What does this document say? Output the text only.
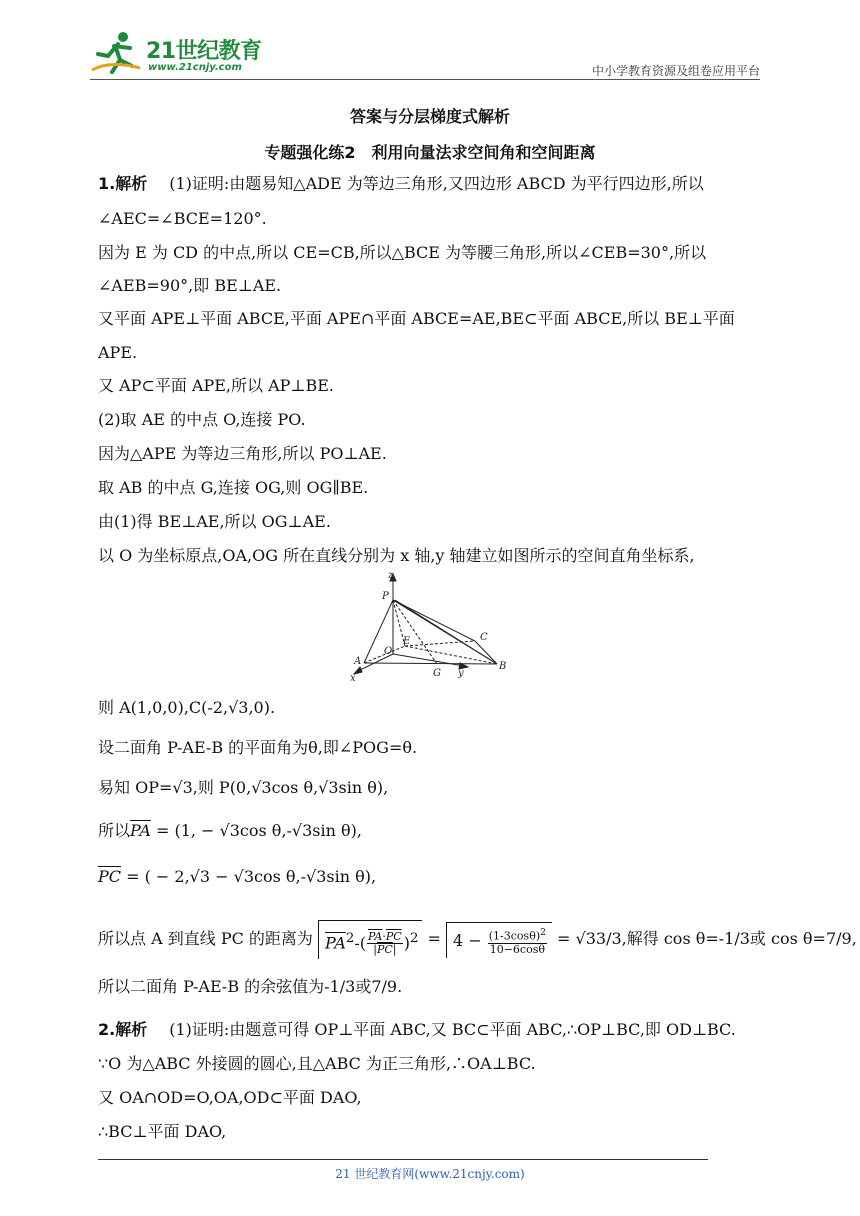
21世纪教育
www.21cnjy.com	中小学教育资源及组卷应用平台
答案与分层梯度式解析
专题强化练2　利用向量法求空间角和空间距离
1.解析 (1)证明:由题易知△ADE 为等边三角形,又四边形 ABCD 为平行四边形,所以
∠AEC=∠BCE=120°.
因为 E 为 CD 的中点,所以 CE=CB,所以△BCE 为等腰三角形,所以∠CEB=30°,所以
∠AEB=90°,即 BE⊥AE.
又平面 APE⊥平面 ABCE,平面 APE∩平面 ABCE=AE,BE⊂平面 ABCE,所以 BE⊥平面
APE.
又 AP⊂平面 APE,所以 AP⊥BE.
(2)取 AE 的中点 O,连接 PO.
因为△APE 为等边三角形,所以 PO⊥AE.
取 AB 的中点 G,连接 OG,则 OG∥BE.
由(1)得 BE⊥AE,所以 OG⊥AE.
以 O 为坐标原点,OA,OG 所在直线分别为 x 轴,y 轴建立如图所示的空间直角坐标系,
z
P
E	C
O
A	B
G
x	y
则 A(1,0,0),C(-2,√3,0).
设二面角 P-AE-B 的平面角为θ,即∠POG=θ.
易知 OP=√3,则 P(0,√3cos θ,√3sin θ),
所以$\overline{PA} = (1$, − √3cos θ,-√3sin θ),
$\overline{PC}$ = ( − 2,√3 − √3cos θ,-√3sin θ),
所以点 A 到直线 PC 的距离为 $\overline{PA}^2-( \frac{\overline{PA}\cdot\overline{PC}}{|\overline{PC}|} )^2 = 4 - \frac{(1-3\cos\theta)^2}{10-6\cos\theta} = √33/3$,解得 cos θ=-1/3或 cos θ=7/9,
所以二面角 P-AE-B 的余弦值为-1/3或7/9.
2.解析 (1)证明:由题意可得 OP⊥平面 ABC,又 BC⊂平面 ABC,∴OP⊥BC,即 OD⊥BC.
∵O 为△ABC 外接圆的圆心,且△ABC 为正三角形,∴OA⊥BC.
又 OA∩OD=O,OA,OD⊂平面 DAO,
∴BC⊥平面 DAO,
21 世纪教育网(www.21cnjy.com)
